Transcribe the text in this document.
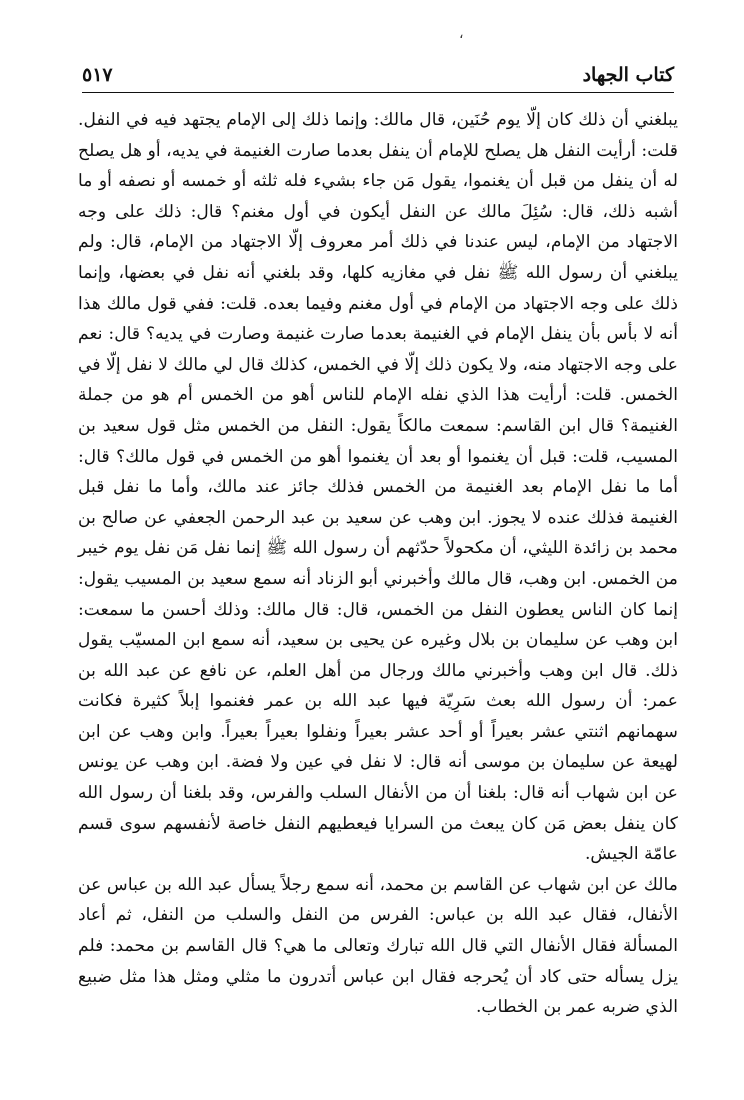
،
كتاب الجهاد
٥١٧

يبلغني أن ذلك كان إلّا يوم حُنَين، قال مالك: وإنما ذلك إلى الإمام يجتهد فيه في النفل. قلت: أرأيت النفل هل يصلح للإمام أن ينفل بعدما صارت الغنيمة في يديه، أو هل يصلح له أن ينفل من قبل أن يغنموا، يقول مَن جاء بشيء فله ثلثه أو خمسه أو نصفه أو ما أشبه ذلك، قال: سُئِلَ مالك عن النفل أيكون في أول مغنم؟ قال: ذلك على وجه الاجتهاد من الإمام، ليس عندنا في ذلك أمر معروف إلّا الاجتهاد من الإمام، قال: ولم يبلغني أن رسول الله ﷺ نفل في مغازيه كلها، وقد بلغني أنه نفل في بعضها، وإنما ذلك على وجه الاجتهاد من الإمام في أول مغنم وفيما بعده. قلت: ففي قول مالك هذا أنه لا بأس بأن ينفل الإمام في الغنيمة بعدما صارت غنيمة وصارت في يديه؟ قال: نعم على وجه الاجتهاد منه، ولا يكون ذلك إلّا في الخمس، كذلك قال لي مالك لا نفل إلّا في الخمس. قلت: أرأيت هذا الذي نفله الإمام للناس أهو من الخمس أم هو من جملة الغنيمة؟ قال ابن القاسم: سمعت مالكاً يقول: النفل من الخمس مثل قول سعيد بن المسيب، قلت: قبل أن يغنموا أو بعد أن يغنموا أهو من الخمس في قول مالك؟ قال: أما ما نفل الإمام بعد الغنيمة من الخمس فذلك جائز عند مالك، وأما ما نفل قبل الغنيمة فذلك عنده لا يجوز. ابن وهب عن سعيد بن عبد الرحمن الجعفي عن صالح بن محمد بن زائدة الليثي، أن مكحولاً حدّثهم أن رسول الله ﷺ إنما نفل مَن نفل يوم خيبر من الخمس. ابن وهب، قال مالك وأخبرني أبو الزناد أنه سمع سعيد بن المسيب يقول: إنما كان الناس يعطون النفل من الخمس، قال: قال مالك: وذلك أحسن ما سمعت: ابن وهب عن سليمان بن بلال وغيره عن يحيى بن سعيد، أنه سمع ابن المسيّب يقول ذلك. قال ابن وهب وأخبرني مالك ورجال من أهل العلم، عن نافع عن عبد الله بن عمر: أن رسول الله بعث سَرِيّة فيها عبد الله بن عمر فغنموا إبلاً كثيرة فكانت سهمانهم اثنتي عشر بعيراً أو أحد عشر بعيراً ونفلوا بعيراً بعيراً. وابن وهب عن ابن لهيعة عن سليمان بن موسى أنه قال: لا نفل في عين ولا فضة. ابن وهب عن يونس عن ابن شهاب أنه قال: بلغنا أن من الأنفال السلب والفرس، وقد بلغنا أن رسول الله كان ينفل بعض مَن كان يبعث من السرايا فيعطيهم النفل خاصة لأنفسهم سوى قسم عامّة الجيش.

مالك عن ابن شهاب عن القاسم بن محمد، أنه سمع رجلاً يسأل عبد الله بن عباس عن الأنفال، فقال عبد الله بن عباس: الفرس من النفل والسلب من النفل، ثم أعاد المسألة فقال الأنفال التي قال الله تبارك وتعالى ما هي؟ قال القاسم بن محمد: فلم يزل يسأله حتى كاد أن يُحرجه فقال ابن عباس أتدرون ما مثلي ومثل هذا مثل ضبيع الذي ضربه عمر بن الخطاب.
